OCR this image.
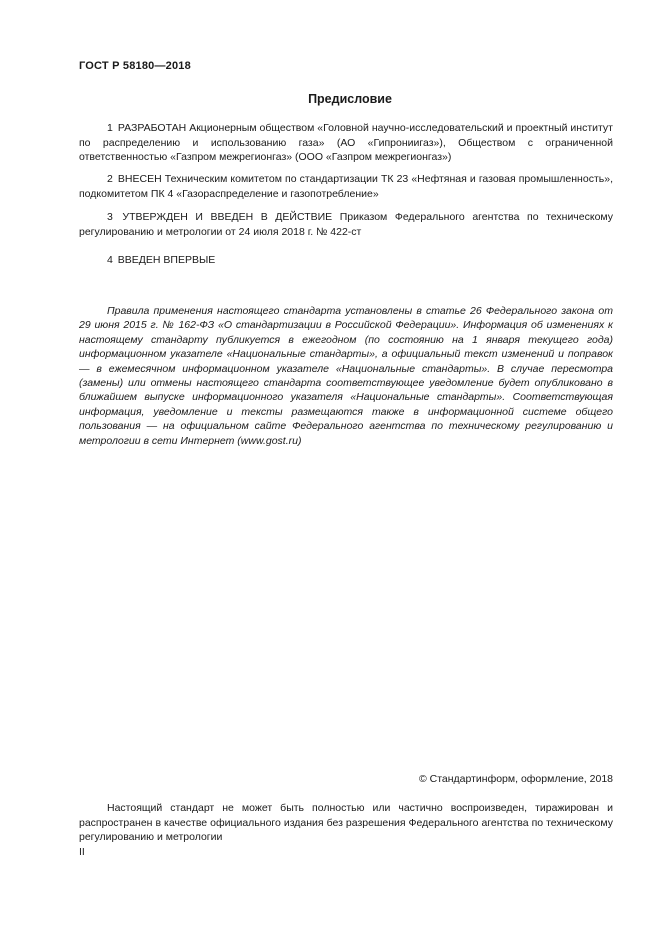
ГОСТ Р 58180—2018
Предисловие
1 РАЗРАБОТАН Акционерным обществом «Головной научно-исследовательский и проектный институт по распределению и использованию газа» (АО «Гипрониигаз»), Обществом с ограниченной ответственностью «Газпром межрегионгаз» (ООО «Газпром межрегионгаз»)
2 ВНЕСЕН Техническим комитетом по стандартизации ТК 23 «Нефтяная и газовая промышленность», подкомитетом ПК 4 «Газораспределение и газопотребление»
3 УТВЕРЖДЕН И ВВЕДЕН В ДЕЙСТВИЕ Приказом Федерального агентства по техническому регулированию и метрологии от 24 июля 2018 г. № 422-ст
4 ВВЕДЕН ВПЕРВЫЕ
Правила применения настоящего стандарта установлены в статье 26 Федерального закона от 29 июня 2015 г. № 162-ФЗ «О стандартизации в Российской Федерации». Информация об изменениях к настоящему стандарту публикуется в ежегодном (по состоянию на 1 января текущего года) информационном указателе «Национальные стандарты», а официальный текст изменений и поправок — в ежемесячном информационном указателе «Национальные стандарты». В случае пересмотра (замены) или отмены настоящего стандарта соответствующее уведомление будет опубликовано в ближайшем выпуске информационного указателя «Национальные стандарты». Соответствующая информация, уведомление и тексты размещаются также в информационной системе общего пользования — на официальном сайте Федерального агентства по техническому регулированию и метрологии в сети Интернет (www.gost.ru)
© Стандартинформ, оформление, 2018
Настоящий стандарт не может быть полностью или частично воспроизведен, тиражирован и распространен в качестве официального издания без разрешения Федерального агентства по техническому регулированию и метрологии
II
